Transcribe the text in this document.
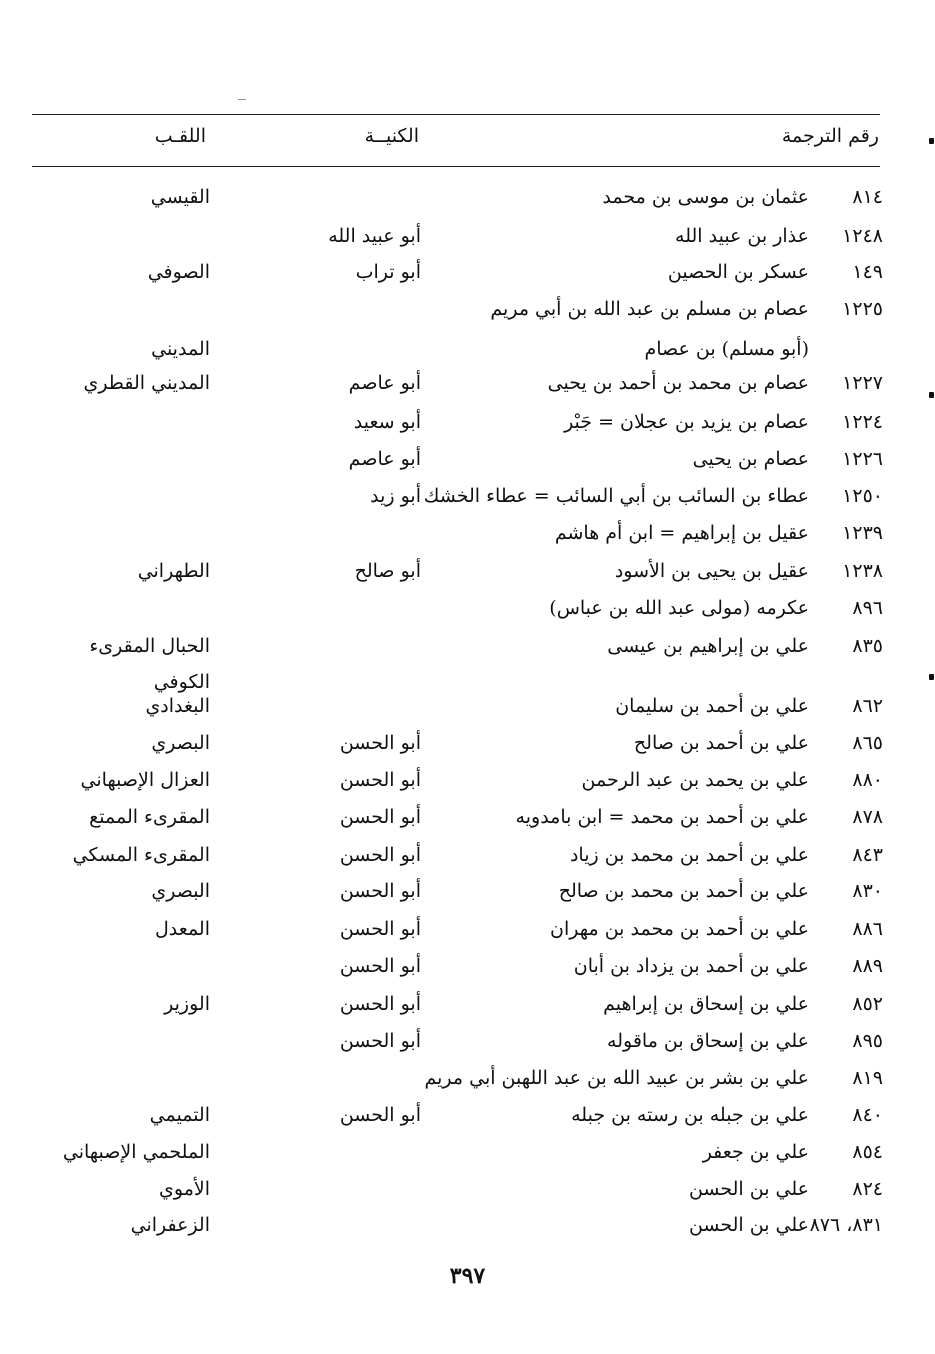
رقم الترجمة
الكنيــة
اللقـب
٨١٤
عثمان بن موسى بن محمد
القيسي
١٢٤٨
عذار بن عبيد الله
أبو عبيد الله
١٤٩
عسكر بن الحصين
أبو تراب
الصوفي
١٢٢٥
عصام بن مسلم بن عبد الله بن أبي مريم
(أبو مسلم) بن عصام
المديني
١٢٢٧
عصام بن محمد بن أحمد بن يحيى
أبو عاصم
المديني القطري
١٢٢٤
عصام بن يزيد بن عجلان = جَبْر
أبو سعيد
١٢٢٦
عصام بن يحيى
أبو عاصم
١٢٥٠
عطاء بن السائب بن أبي السائب = عطاء الخشك
أبو زيد
١٢٣٩
عقيل بن إبراهيم = ابن أم هاشم
١٢٣٨
عقيل بن يحيى بن الأسود
أبو صالح
الطهراني
٨٩٦
عكرمه (مولى عبد الله بن عباس)
٨٣٥
علي بن إبراهيم بن عيسى
الحبال المقرىء
الكوفي
٨٦٢
علي بن أحمد بن سليمان
البغدادي
٨٦٥
علي بن أحمد بن صالح
أبو الحسن
البصري
٨٨٠
علي بن يحمد بن عبد الرحمن
أبو الحسن
العزال الإصبهاني
٨٧٨
علي بن أحمد بن محمد = ابن بامدويه
أبو الحسن
المقرىء الممتع
٨٤٣
علي بن أحمد بن محمد بن زياد
أبو الحسن
المقرىء المسكي
٨٣٠
علي بن أحمد بن محمد بن صالح
أبو الحسن
البصري
٨٨٦
علي بن أحمد بن محمد بن مهران
أبو الحسن
المعدل
٨٨٩
علي بن أحمد بن يزداد بن أبان
أبو الحسن
٨٥٢
علي بن إسحاق بن إبراهيم
أبو الحسن
الوزير
٨٩٥
علي بن إسحاق بن ماقوله
أبو الحسن
٨١٩
علي بن بشر بن عبيد الله بن عبد اللهبن أبي مريم
٨٤٠
علي بن جبله بن رسته بن جبله
أبو الحسن
التميمي
٨٥٤
علي بن جعفر
الملحمي الإصبهاني
٨٢٤
علي بن الحسن
الأموي
٨٣١، ٨٧٦
علي بن الحسن
الزعفراني
٣٩٧
